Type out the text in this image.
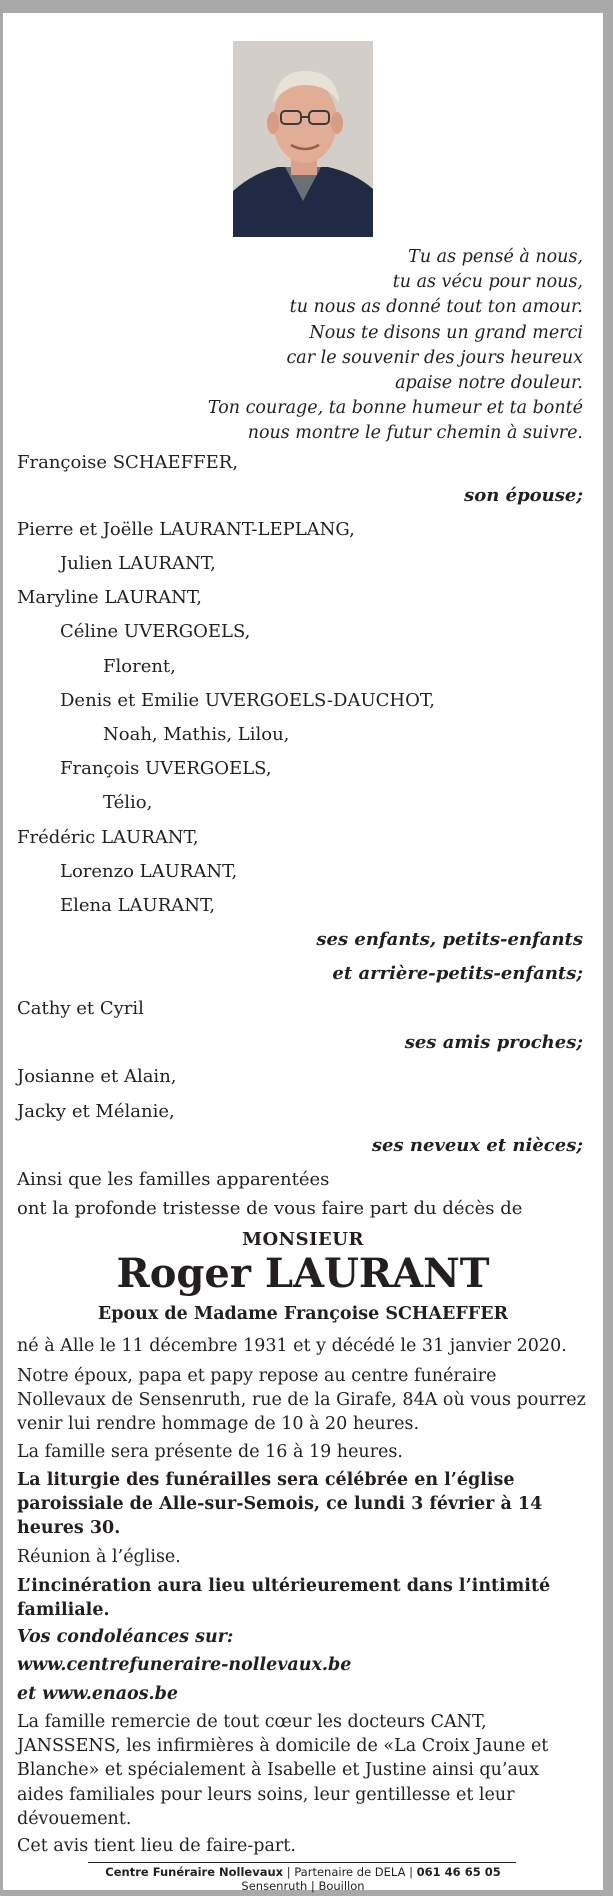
Tu as pensé à nous,
tu as vécu pour nous,
tu nous as donné tout ton amour.
Nous te disons un grand merci
car le souvenir des jours heureux
apaise notre douleur.
Ton courage, ta bonne humeur et ta bonté
nous montre le futur chemin à suivre.
Françoise SCHAEFFER,
son épouse;
Pierre et Joëlle LAURANT-LEPLANG,
Julien LAURANT,
Maryline LAURANT,
Céline UVERGOELS,
Florent,
Denis et Emilie UVERGOELS-DAUCHOT,
Noah, Mathis, Lilou,
François UVERGOELS,
Télio,
Frédéric LAURANT,
Lorenzo LAURANT,
Elena LAURANT,
ses enfants, petits-enfants
et arrière-petits-enfants;
Cathy et Cyril
ses amis proches;
Josianne et Alain,
Jacky et Mélanie,
ses neveux et nièces;
Ainsi que les familles apparentées
ont la profonde tristesse de vous faire part du décès de
MONSIEUR
Roger LAURANT
Epoux de Madame Françoise SCHAEFFER
né à Alle le 11 décembre 1931 et y décédé le 31 janvier 2020.
Notre époux, papa et papy repose au centre funéraire Nollevaux de Sensenruth, rue de la Girafe, 84A où vous pourrez venir lui rendre hommage de 10 à 20 heures.
La famille sera présente de 16 à 19 heures.
La liturgie des funérailles sera célébrée en l’église paroissiale de Alle-sur-Semois, ce lundi 3 février à 14 heures 30.
Réunion à l’église.
L’incinération aura lieu ultérieurement dans l’intimité familiale.
Vos condoléances sur:
www.centrefuneraire-nollevaux.be
et www.enaos.be
La famille remercie de tout cœur les docteurs CANT, JANSSENS, les infirmières à domicile de «La Croix Jaune et Blanche» et spécialement à Isabelle et Justine ainsi qu’aux aides familiales pour leurs soins, leur gentillesse et leur dévouement.
Cet avis tient lieu de faire-part.
Centre Funéraire Nollevaux | Partenaire de DELA | 061 46 65 05
Sensenruth | Bouillon
